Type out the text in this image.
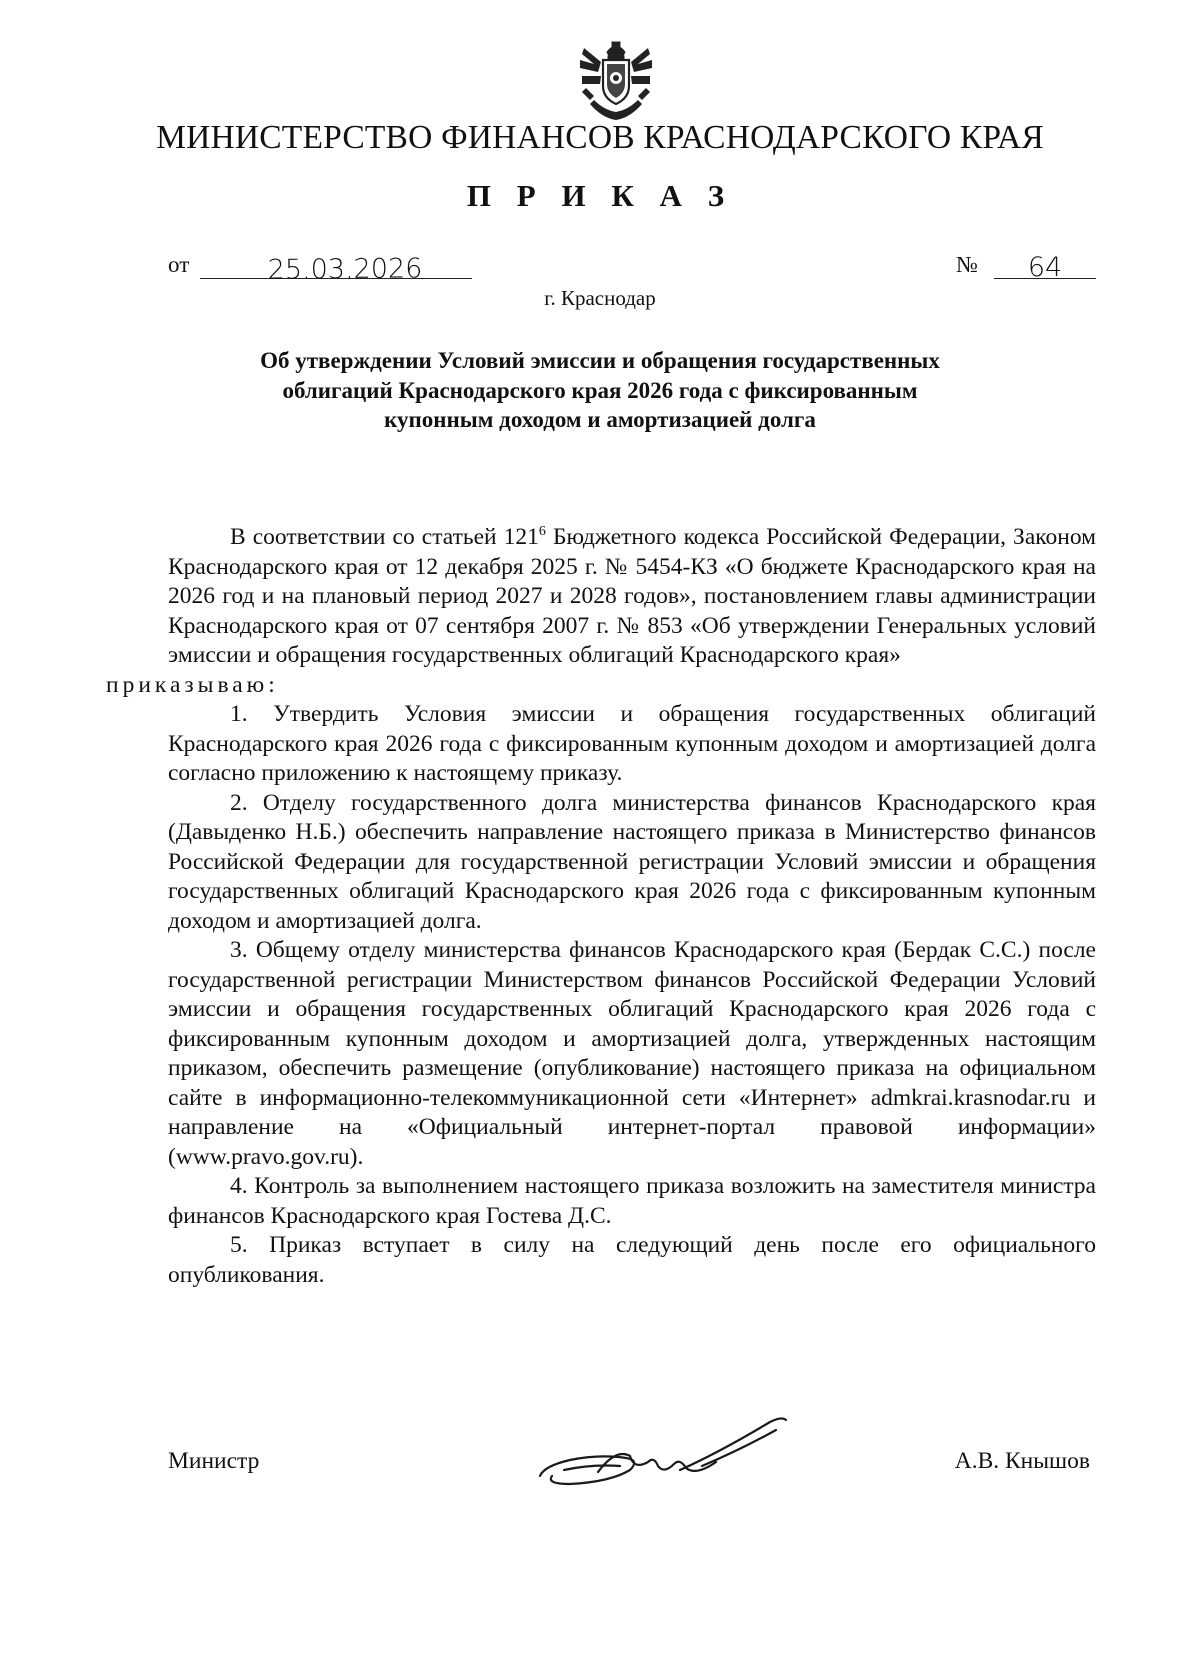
МИНИСТЕРСТВО ФИНАНСОВ КРАСНОДАРСКОГО КРАЯ
П Р И К А З
от	25.03.2026	№	64
г. Краснодар
Об утверждении Условий эмиссии и обращения государственных облигаций Краснодарского края 2026 года с фиксированным купонным доходом и амортизацией долга

В соответствии со статьей $121^6$ Бюджетного кодекса Российской Федерации, Законом Краснодарского края от 12 декабря 2025 г. № 5454-КЗ «О бюджете Краснодарского края на 2026 год и на плановый период 2027 и 2028 годов», постановлением главы администрации Краснодарского края от 07 сентября 2007 г. № 853 «Об утверждении Генеральных условий эмиссии и обращения государственных облигаций Краснодарского края»
приказываю:

1. Утвердить Условия эмиссии и обращения государственных облигаций Краснодарского края 2026 года с фиксированным купонным доходом и амортизацией долга согласно приложению к настоящему приказу.

2. Отделу государственного долга министерства финансов Краснодарского края (Давыденко Н.Б.) обеспечить направление настоящего приказа в Министерство финансов Российской Федерации для государственной регистрации Условий эмиссии и обращения государственных облигаций Краснодарского края 2026 года с фиксированным купонным доходом и амортизацией долга.

3. Общему отделу министерства финансов Краснодарского края (Бердак С.С.) после государственной регистрации Министерством финансов Российской Федерации Условий эмиссии и обращения государственных облигаций Краснодарского края 2026 года с фиксированным купонным доходом и амортизацией долга, утвержденных настоящим приказом, обеспечить размещение (опубликование) настоящего приказа на официальном сайте в информационно-телекоммуникационной сети «Интернет» admkrai.krasnodar.ru и направление на «Официальный интернет-портал правовой информации» (www.pravo.gov.ru).

4. Контроль за выполнением настоящего приказа возложить на заместителя министра финансов Краснодарского края Гостева Д.С.

5. Приказ вступает в силу на следующий день после его официального опубликования.

Министр	А.В. Кнышов
